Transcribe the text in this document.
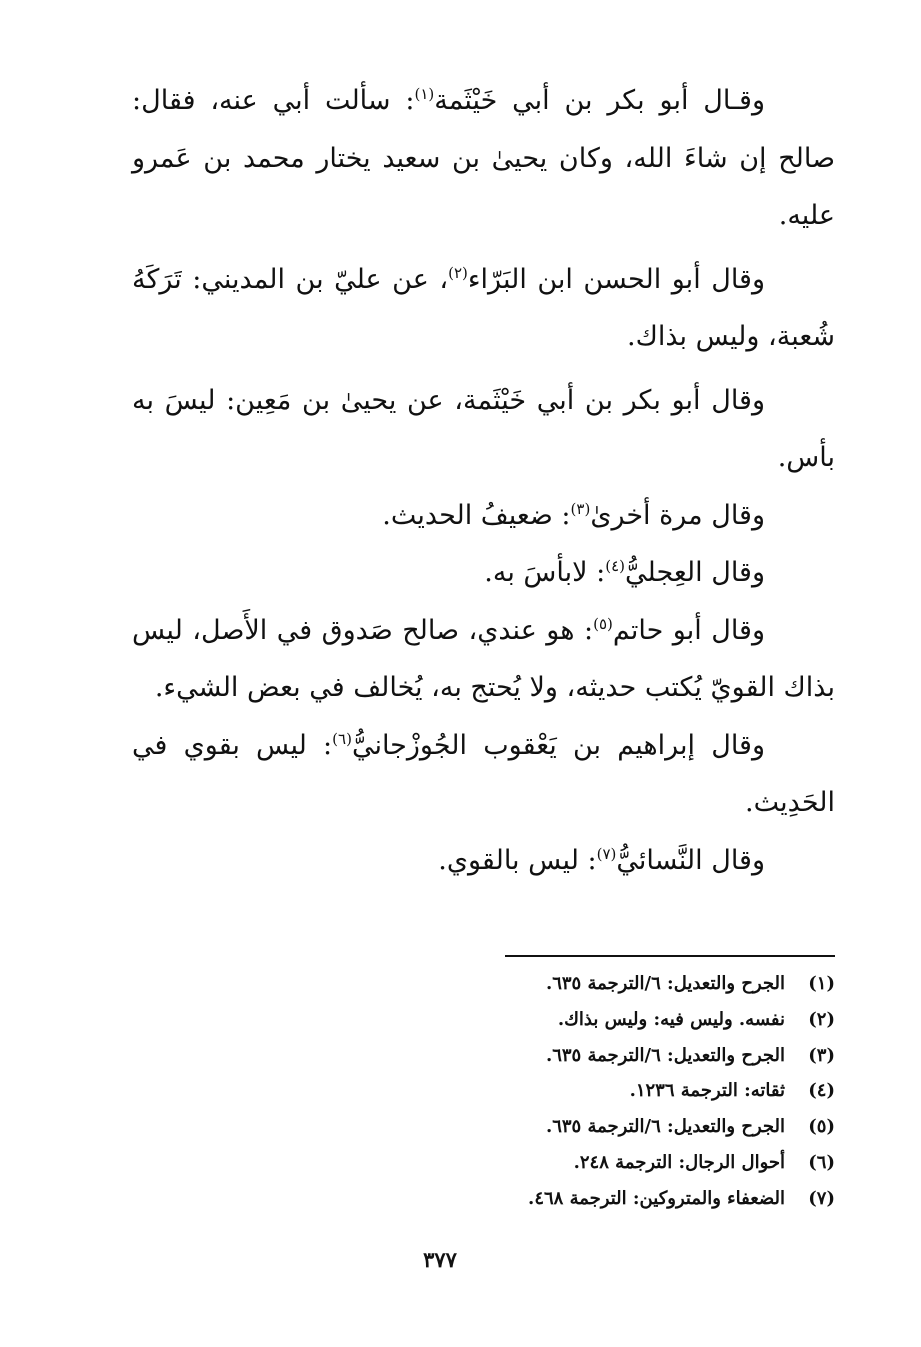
وقـال أبو بكر بن أبي خَيْثَمة$^{(١)}$: سألت أبي عنه، فقال: صالح إن شاءَ الله، وكان يحيىٰ بن سعيد يختار محمد بن عَمرو عليه.

وقال أبو الحسن ابن البَرّاء$^{(٢)}$، عن عليّ بن المديني: تَرَكَهُ شُعبة، وليس بذاك.

وقال أبو بكر بن أبي خَيْثَمة، عن يحيىٰ بن مَعِين: ليسَ به بأس.

وقال مرة أخرىٰ$^{(٣)}$: ضعيفُ الحديث.

وقال العِجليُّ$^{(٤)}$: لابأسَ به.

وقال أبو حاتم$^{(٥)}$: هو عندي، صالح صَدوق في الأَصل، ليس بذاك القويّ يُكتب حديثه، ولا يُحتج به، يُخالف في بعض الشيء.

وقال إبراهيم بن يَعْقوب الجُوزْجانيُّ$^{(٦)}$: ليس بقوي في الحَدِيث.

وقال النَّسائيُّ$^{(٧)}$: ليس بالقوي.

(١)
الجرح والتعديل: ٦/الترجمة ٦٣٥.
(٢)
نفسه. وليس فيه: وليس بذاك.
(٣)
الجرح والتعديل: ٦/الترجمة ٦٣٥.
(٤)
ثقاته: الترجمة ١٢٣٦.
(٥)
الجرح والتعديل: ٦/الترجمة ٦٣٥.
(٦)
أحوال الرجال: الترجمة ٢٤٨.
(٧)
الضعفاء والمتروكين: الترجمة ٤٦٨.
٣٧٧
